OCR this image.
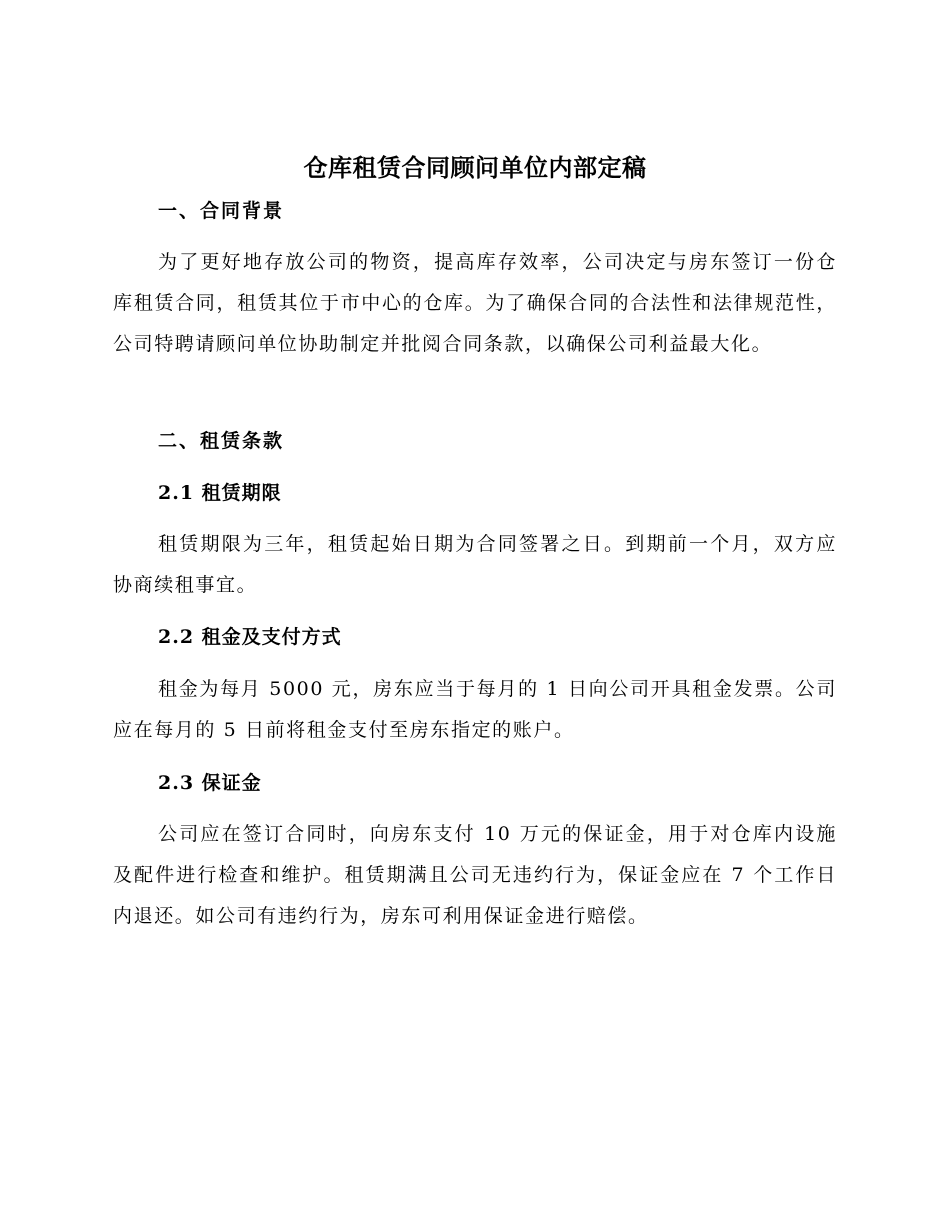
仓库租赁合同顾问单位内部定稿
一、合同背景
为了更好地存放公司的物资，提高库存效率，公司决定与房东签订一份仓库租赁合同，租赁其位于市中心的仓库。为了确保合同的合法性和法律规范性，公司特聘请顾问单位协助制定并批阅合同条款，以确保公司利益最大化。
二、租赁条款
2.1 租赁期限
租赁期限为三年，租赁起始日期为合同签署之日。到期前一个月，双方应协商续租事宜。
2.2 租金及支付方式
租金为每月 5000 元，房东应当于每月的 1 日向公司开具租金发票。公司应在每月的 5 日前将租金支付至房东指定的账户。
2.3 保证金
公司应在签订合同时，向房东支付 10 万元的保证金，用于对仓库内设施及配件进行检查和维护。租赁期满且公司无违约行为，保证金应在 7 个工作日内退还。如公司有违约行为，房东可利用保证金进行赔偿。
